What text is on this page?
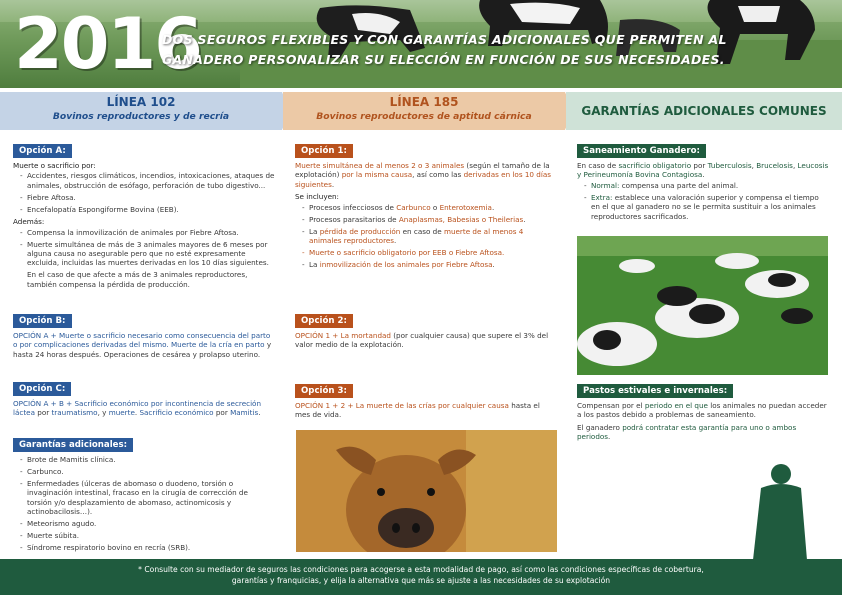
2016
DOS SEGUROS FLEXIBLES Y CON GARANTÍAS ADICIONALES QUE PERMITEN AL GANADERO PERSONALIZAR SU ELECCIÓN EN FUNCIÓN DE SUS NECESIDADES.
LÍNEA 102
Bovinos reproductores y de recría
LÍNEA 185
Bovinos reproductores de aptitud cárnica	GARANTÍAS ADICIONALES COMUNES
Opción A:
Muerte o sacrificio por:
- Accidentes, riesgos climáticos, incendios, intoxicaciones, ataques de animales, obstrucción de esófago, perforación de tubo digestivo...
- Fiebre Aftosa.
- Encefalopatía Espongiforme Bovina (EEB).
Además:
- Compensa la inmovilización de animales por Fiebre Aftosa.
- Muerte simultánea de más de 3 animales mayores de 6 meses por alguna causa no asegurable pero que no esté expresamente excluida, incluidas las muertes derivadas en los 10 días siguientes.
En el caso de que afecte a más de 3 animales reproductores, también compensa la pérdida de producción.
Opción B:
OPCIÓN A + Muerte o sacrificio necesario como consecuencia del parto o por complicaciones derivadas del mismo. Muerte de la cría en parto y hasta 24 horas después. Operaciones de cesárea y prolapso uterino.
Opción C:
OPCIÓN A + B + Sacrificio económico por incontinencia de secreción láctea por traumatismo, y muerte. Sacrificio económico por Mamitis.
Garantías adicionales:
- Brote de Mamitis clínica.
- Carbunco.
- Enfermedades (úlceras de abomaso o duodeno, torsión o invaginación intestinal, fracaso en la cirugía de corrección de torsión y/o desplazamiento de abomaso, actinomicosis y actinobacilosis…).
- Meteorismo agudo.
- Muerte súbita.
- Síndrome respiratorio bovino en recría (SRB).
Opción 1:
Muerte simultánea de al menos 2 o 3 animales (según el tamaño de la explotación) por la misma causa, así como las derivadas en los 10 días siguientes.
Se incluyen:
- Procesos infecciosos de Carbunco o Enterotoxemia.
- Procesos parasitarios de Anaplasmas, Babesias o Theilerias.
- La pérdida de producción en caso de muerte de al menos 4 animales reproductores.
- Muerte o sacrificio obligatorio por EEB o Fiebre Aftosa.
- La inmovilización de los animales por Fiebre Aftosa.
Opción 2:
OPCIÓN 1 + La mortandad (por cualquier causa) que supere el 3% del valor medio de la explotación.
Opción 3:
OPCIÓN 1 + 2 + La muerte de las crías por cualquier causa hasta el mes de vida.
Saneamiento Ganadero:
En caso de sacrificio obligatorio por Tuberculosis, Brucelosis, Leucosis y Perineumonía Bovina Contagiosa.
- Normal: compensa una parte del animal.
- Extra: establece una valoración superior y compensa el tiempo en el que al ganadero no se le permita sustituir a los animales reproductores sacrificados.
Pastos estivales e invernales:
Compensan por el periodo en el que los animales no puedan acceder a los pastos debido a problemas de saneamiento.
El ganadero podrá contratar esta garantía para uno o ambos periodos.
* Consulte con su mediador de seguros las condiciones para acogerse a esta modalidad de pago, así como las condiciones específicas de cobertura,
garantías y franquicias, y elija la alternativa que más se ajuste a las necesidades de su explotación
